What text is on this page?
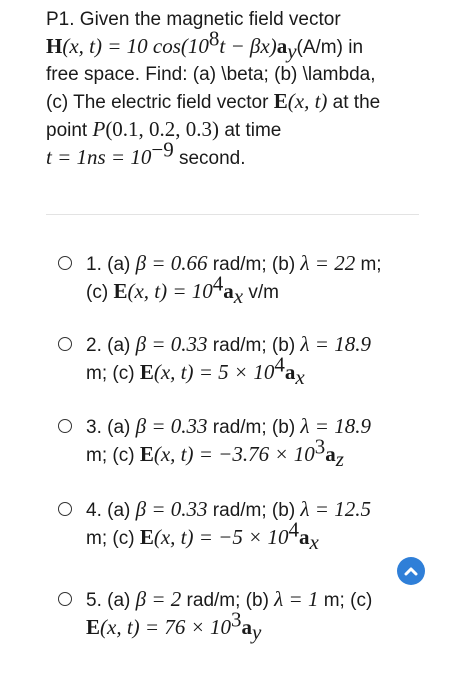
P1. Given the magnetic field vector
H(x, t) = 10 $\cos(10^8t - \beta x)a_y(A/m)$ in
free space. Find: (a) \beta; (b) \lambda,
(c) The electric field vector E(x, t) at the
point P(0.1, 0.2, 0.3) at time
$t = 1ns = 10^{-9}$ second.
1. (a) β = 0.66 rad/m; (b) λ = 22 m;
(c) E(x, $t) = 10^4a_x$ v/m
2. (a) β = 0.33 rad/m; (b) λ = 18.9
m; (c) E(x, $t) = 5 \times 10^4a_x$
3. (a) β = 0.33 rad/m; (b) λ = 18.9
m; (c) E(x, $t) = -3.76 \times 10^3a_z$
4. (a) β = 0.33 rad/m; (b) λ = 12.5
m; (c) E(x, $t) = -5 \times 10^4a_x$
5. (a) β = 2 rad/m; (b) λ = 1 m; (c)
E(x, $t) = 76 \times 10^3a_y$
